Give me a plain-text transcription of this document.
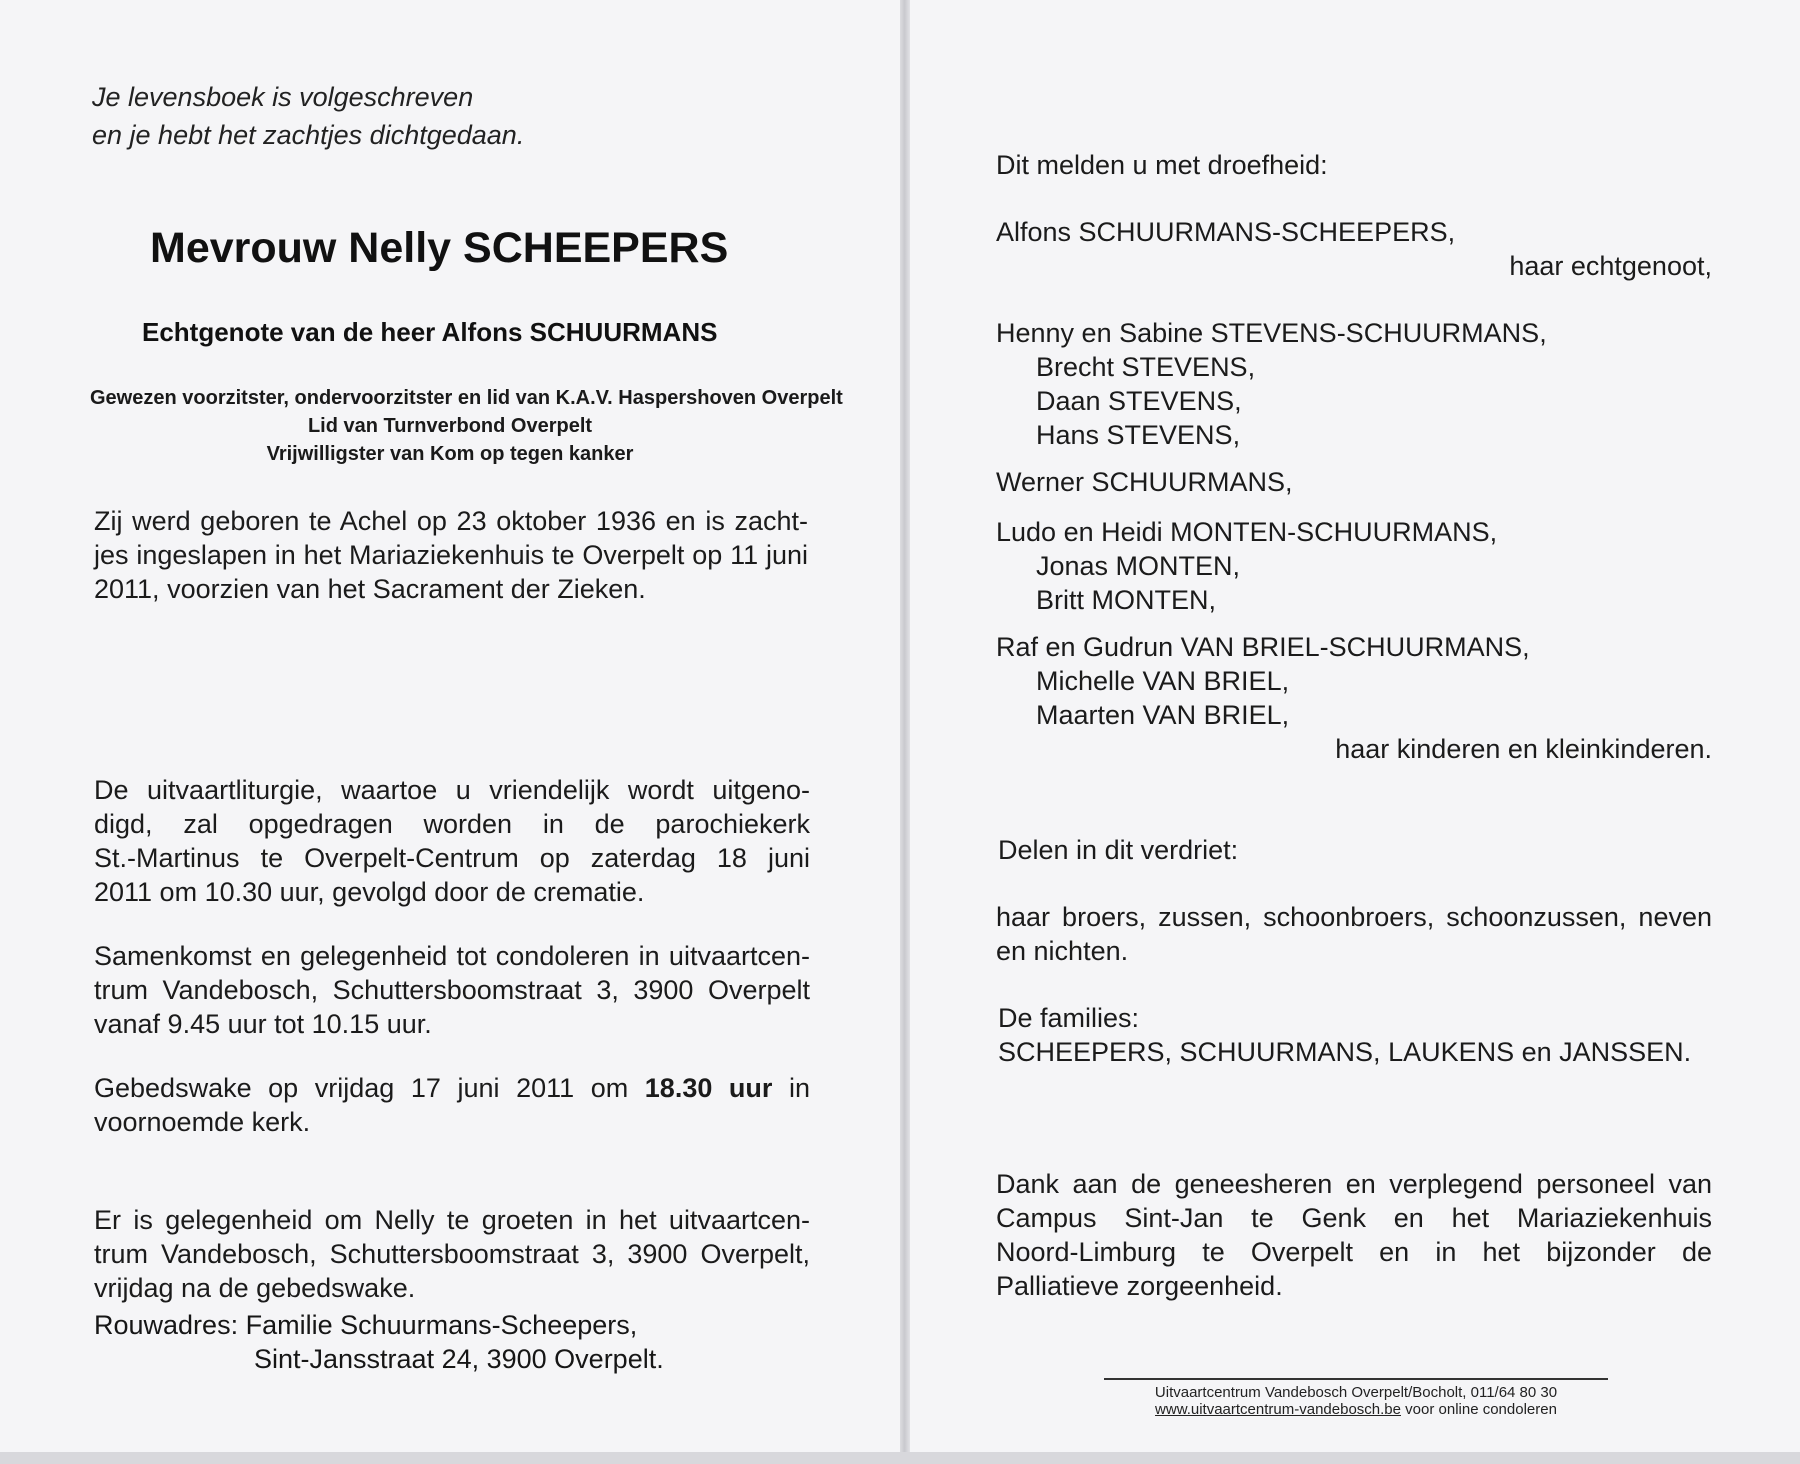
Je levensboek is volgeschreven
en je hebt het zachtjes dichtgedaan.
Mevrouw Nelly SCHEEPERS
Echtgenote van de heer Alfons SCHUURMANS
Gewezen voorzitster, ondervoorzitster en lid van K.A.V. Haspershoven Overpelt
Lid van Turnverbond Overpelt
Vrijwilligster van Kom op tegen kanker
Zij werd geboren te Achel op 23 oktober 1936 en is zacht-
jes ingeslapen in het Mariaziekenhuis te Overpelt op 11 juni
2011, voorzien van het Sacrament der Zieken.
De uitvaartliturgie, waartoe u vriendelijk wordt uitgeno-
digd, zal opgedragen worden in de parochiekerk
St.-Martinus te Overpelt-Centrum op zaterdag 18 juni
2011 om 10.30 uur, gevolgd door de crematie.
Samenkomst en gelegenheid tot condoleren in uitvaartcen-
trum Vandebosch, Schuttersboomstraat 3, 3900 Overpelt
vanaf 9.45 uur tot 10.15 uur.
Gebedswake op vrijdag 17 juni 2011 om 18.30 uur in
voornoemde kerk.
Er is gelegenheid om Nelly te groeten in het uitvaartcen-
trum Vandebosch, Schuttersboomstraat 3, 3900 Overpelt,
vrijdag na de gebedswake.
Rouwadres: Familie Schuurmans-Scheepers,
Sint-Jansstraat 24, 3900 Overpelt.
Dit melden u met droefheid:
Alfons SCHUURMANS-SCHEEPERS,
haar echtgenoot,
Henny en Sabine STEVENS-SCHUURMANS,
Brecht STEVENS,
Daan STEVENS,
Hans STEVENS,
Werner SCHUURMANS,
Ludo en Heidi MONTEN-SCHUURMANS,
Jonas MONTEN,
Britt MONTEN,
Raf en Gudrun VAN BRIEL-SCHUURMANS,
Michelle VAN BRIEL,
Maarten VAN BRIEL,
haar kinderen en kleinkinderen.
Delen in dit verdriet:
haar broers, zussen, schoonbroers, schoonzussen, neven
en nichten.
De families:
SCHEEPERS, SCHUURMANS, LAUKENS en JANSSEN.
Dank aan de geneesheren en verplegend personeel van
Campus Sint-Jan te Genk en het Mariaziekenhuis
Noord-Limburg te Overpelt en in het bijzonder de
Palliatieve zorgeenheid.
Uitvaartcentrum Vandebosch Overpelt/Bocholt, 011/64 80 30
www.uitvaartcentrum-vandebosch.be voor online condoleren
